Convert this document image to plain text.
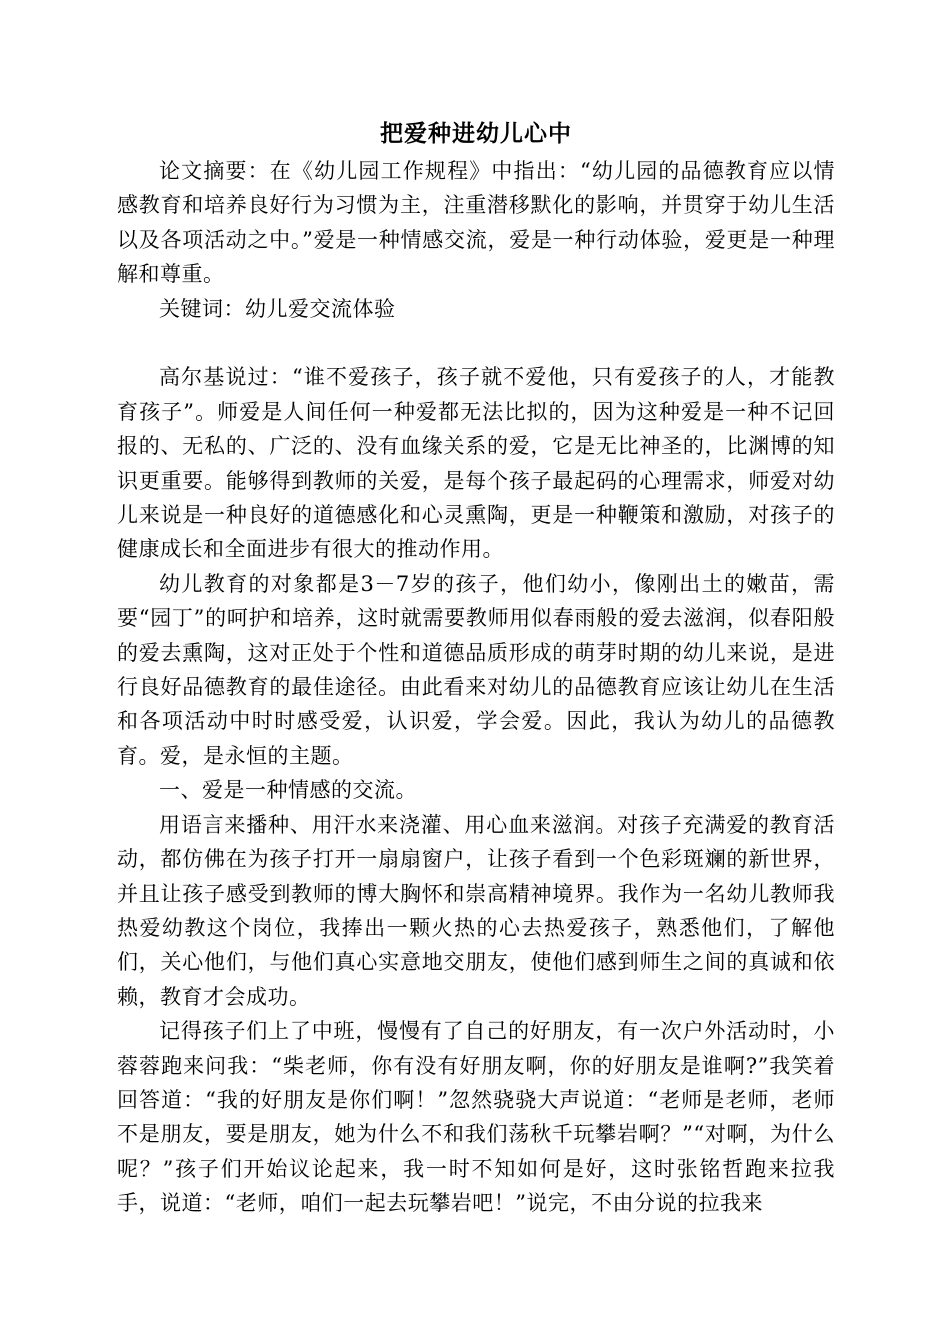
把爱种进幼儿心中

论文摘要：在《幼儿园工作规程》中指出：“幼儿园的品德教育应以情感教育和培养良好行为习惯为主，注重潜移默化的影响，并贯穿于幼儿生活以及各项活动之中。”爱是一种情感交流，爱是一种行动体验，爱更是一种理解和尊重。

关键词：幼儿爱交流体验

高尔基说过：“谁不爱孩子，孩子就不爱他，只有爱孩子的人，才能教育孩子”。师爱是人间任何一种爱都无法比拟的，因为这种爱是一种不记回报的、无私的、广泛的、没有血缘关系的爱，它是无比神圣的，比渊博的知识更重要。能够得到教师的关爱，是每个孩子最起码的心理需求，师爱对幼儿来说是一种良好的道德感化和心灵熏陶，更是一种鞭策和激励，对孩子的健康成长和全面进步有很大的推动作用。

幼儿教育的对象都是3－7岁的孩子，他们幼小，像刚出土的嫩苗，需要“园丁”的呵护和培养，这时就需要教师用似春雨般的爱去滋润，似春阳般的爱去熏陶，这对正处于个性和道德品质形成的萌芽时期的幼儿来说，是进行良好品德教育的最佳途径。由此看来对幼儿的品德教育应该让幼儿在生活和各项活动中时时感受爱，认识爱，学会爱。因此，我认为幼儿的品德教育。爱，是永恒的主题。

一、爱是一种情感的交流。

用语言来播种、用汗水来浇灌、用心血来滋润。对孩子充满爱的教育活动，都仿佛在为孩子打开一扇扇窗户，让孩子看到一个色彩斑斓的新世界，并且让孩子感受到教师的博大胸怀和崇高精神境界。我作为一名幼儿教师我热爱幼教这个岗位，我捧出一颗火热的心去热爱孩子，熟悉他们，了解他们，关心他们，与他们真心实意地交朋友，使他们感到师生之间的真诚和依赖，教育才会成功。

记得孩子们上了中班，慢慢有了自己的好朋友，有一次户外活动时，小蓉蓉跑来问我：“柴老师，你有没有好朋友啊，你的好朋友是谁啊?”我笑着回答道：“我的好朋友是你们啊！”忽然骁骁大声说道：“老师是老师，老师不是朋友，要是朋友，她为什么不和我们荡秋千玩攀岩啊？”“对啊，为什么呢？”孩子们开始议论起来，我一时不知如何是好，这时张铭哲跑来拉我手，说道：“老师，咱们一起去玩攀岩吧！”说完，不由分说的拉我来
